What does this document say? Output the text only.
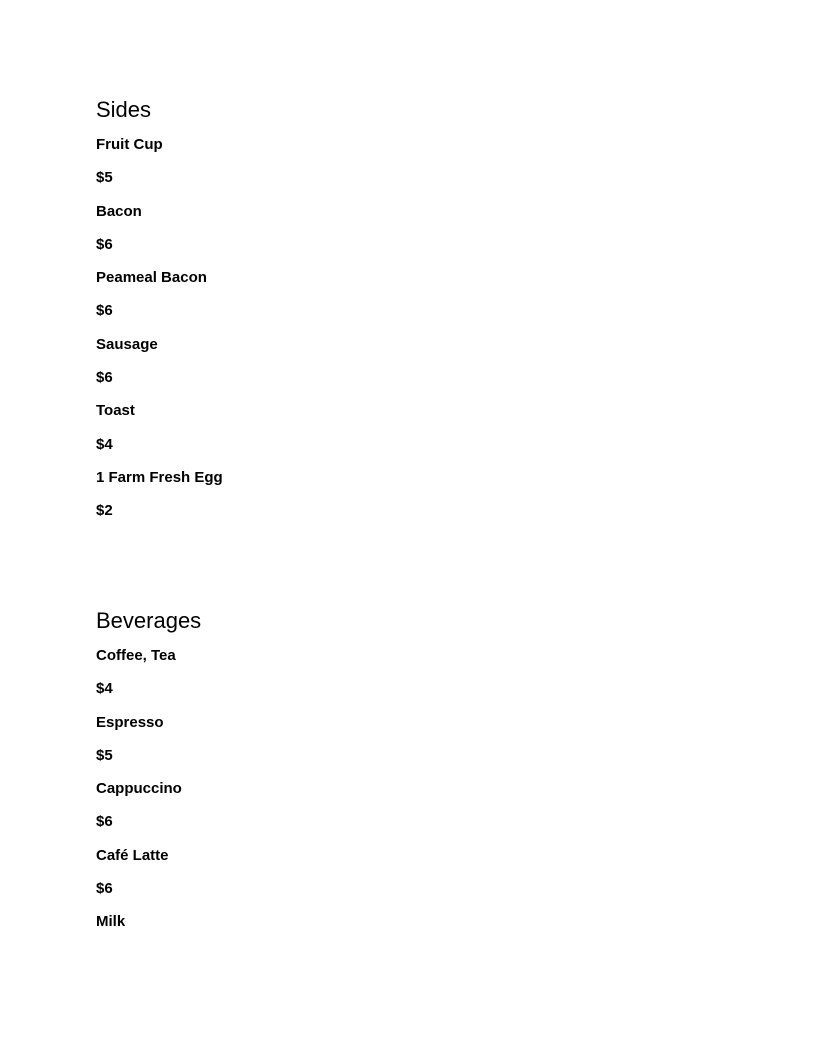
Sides
Fruit Cup
$5
Bacon
$6
Peameal Bacon
$6
Sausage
$6
Toast
$4
1 Farm Fresh Egg
$2
Beverages
Coffee, Tea
$4
Espresso
$5
Cappuccino
$6
Café Latte
$6
Milk
